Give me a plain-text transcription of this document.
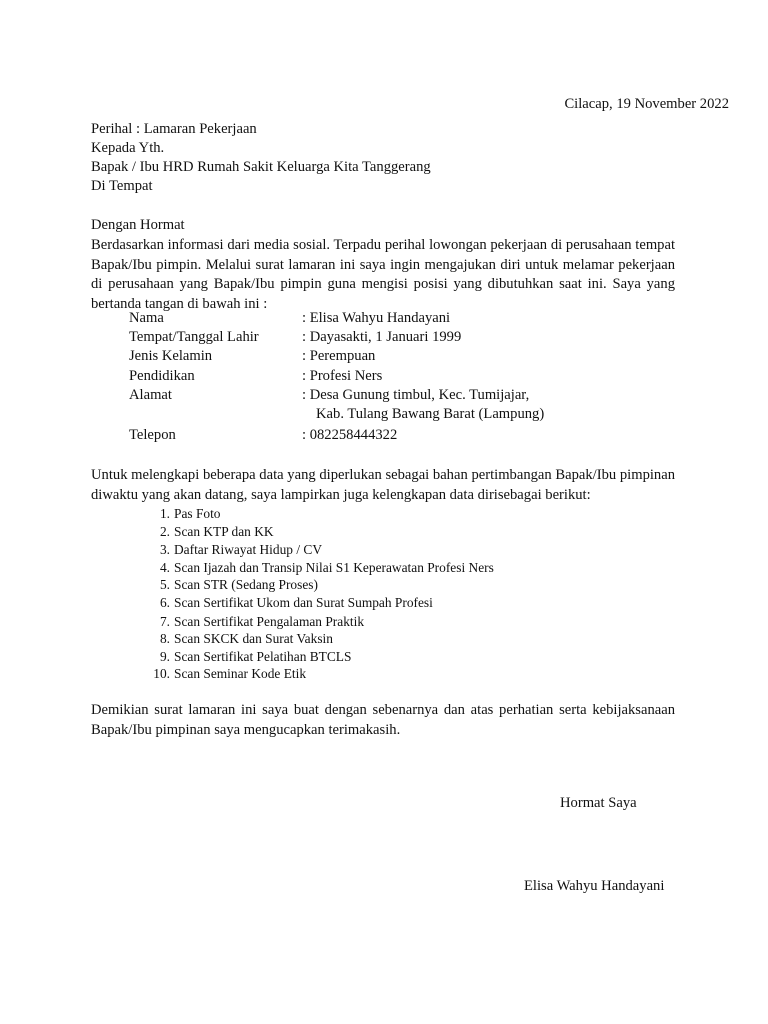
Cilacap, 19 November 2022
Perihal : Lamaran Pekerjaan
Kepada Yth.
Bapak / Ibu HRD Rumah Sakit Keluarga Kita Tanggerang
Di Tempat
Dengan Hormat
Berdasarkan informasi dari media sosial. Terpadu perihal lowongan pekerjaan di perusahaan tempat Bapak/Ibu pimpin. Melalui surat lamaran ini saya ingin mengajukan diri untuk melamar pekerjaan di perusahaan yang Bapak/Ibu pimpin guna mengisi posisi yang dibutuhkan saat ini. Saya yang bertanda tangan di bawah ini :
Nama	: Elisa Wahyu Handayani
Tempat/Tanggal Lahir	: Dayasakti, 1 Januari 1999
Jenis Kelamin	: Perempuan
Pendidikan	: Profesi Ners
Alamat	: Desa Gunung timbul, Kec. Tumijajar,
Kab. Tulang Bawang Barat (Lampung)
Telepon	: 082258444322
Untuk melengkapi beberapa data yang diperlukan sebagai bahan pertimbangan Bapak/Ibu pimpinan diwaktu yang akan datang, saya lampirkan juga kelengkapan data dirisebagai berikut:
1. Pas Foto
2. Scan KTP dan KK
3. Daftar Riwayat Hidup / CV
4. Scan Ijazah dan Transip Nilai S1 Keperawatan Profesi Ners
5. Scan STR (Sedang Proses)
6. Scan Sertifikat Ukom dan Surat Sumpah Profesi
7. Scan Sertifikat Pengalaman Praktik
8. Scan SKCK dan Surat Vaksin
9. Scan Sertifikat Pelatihan BTCLS
10. Scan Seminar Kode Etik
Demikian surat lamaran ini saya buat dengan sebenarnya dan atas perhatian serta kebijaksanaan Bapak/Ibu pimpinan saya mengucapkan terimakasih.
Hormat Saya
Elisa Wahyu Handayani
